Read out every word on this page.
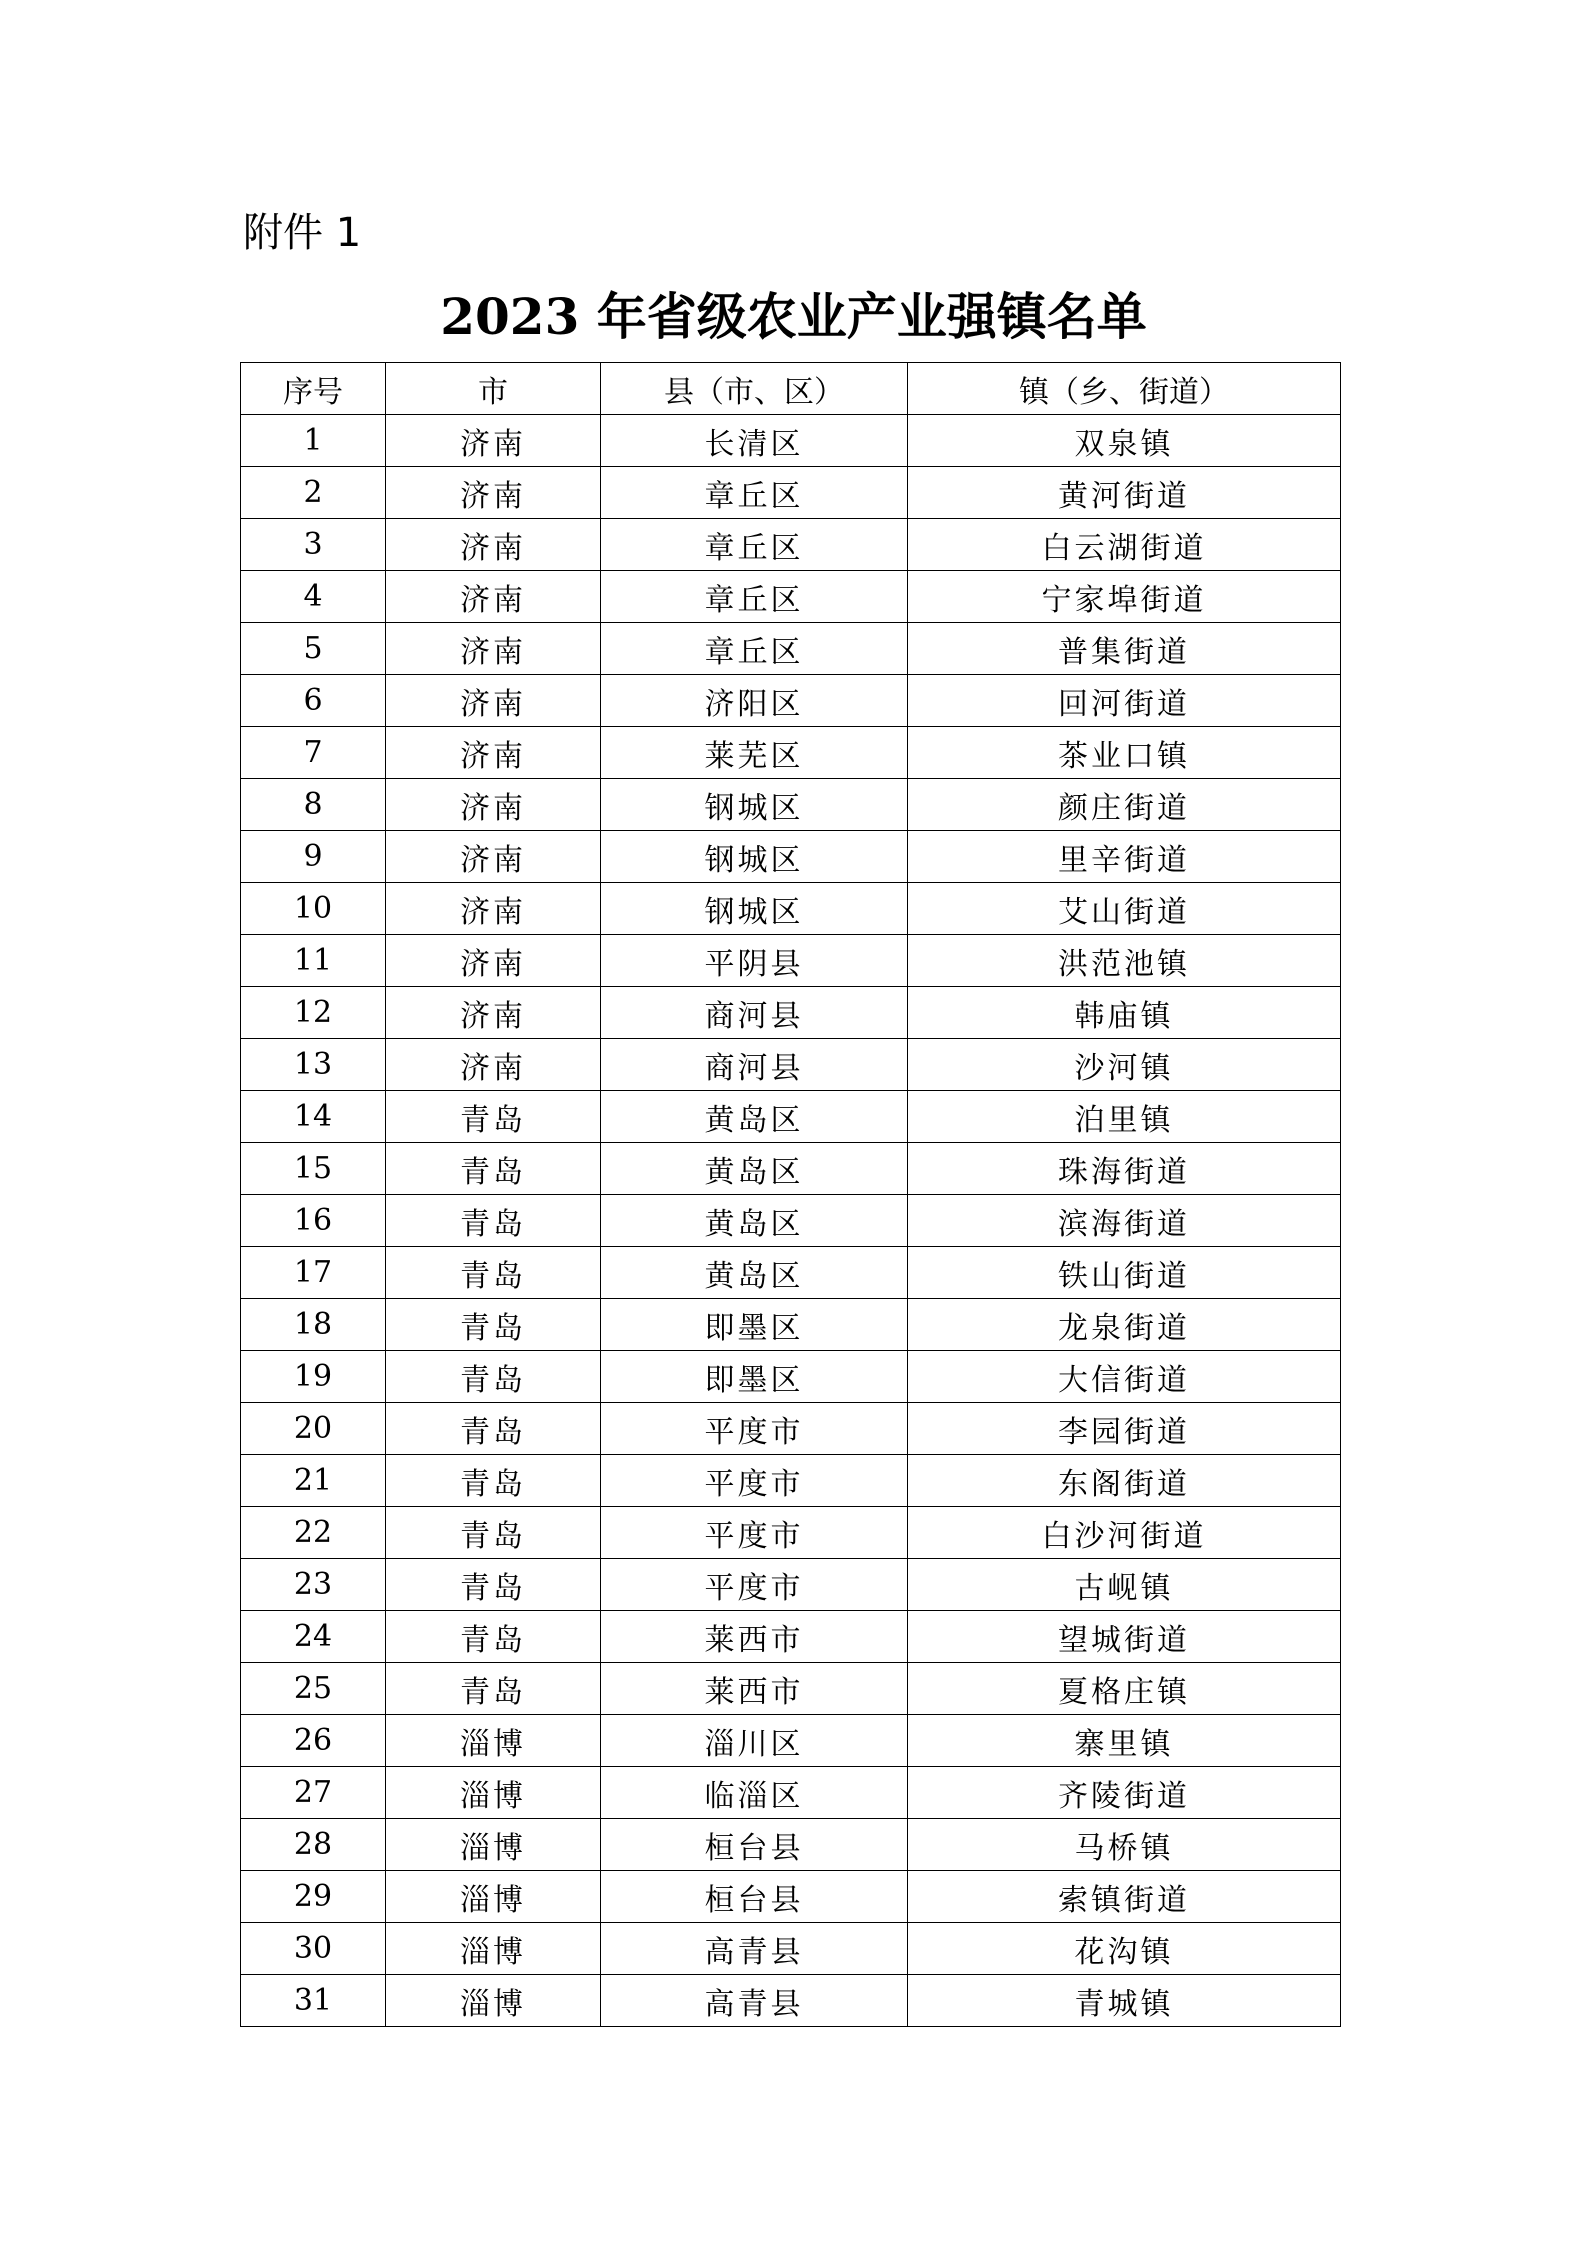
附件 1
2023 年省级农业产业强镇名单
序号	市	县（市、区）	镇（乡、街道）
1	济南	长清区	双泉镇
2	济南	章丘区	黄河街道
3	济南	章丘区	白云湖街道
4	济南	章丘区	宁家埠街道
5	济南	章丘区	普集街道
6	济南	济阳区	回河街道
7	济南	莱芜区	茶业口镇
8	济南	钢城区	颜庄街道
9	济南	钢城区	里辛街道
10	济南	钢城区	艾山街道
11	济南	平阴县	洪范池镇
12	济南	商河县	韩庙镇
13	济南	商河县	沙河镇
14	青岛	黄岛区	泊里镇
15	青岛	黄岛区	珠海街道
16	青岛	黄岛区	滨海街道
17	青岛	黄岛区	铁山街道
18	青岛	即墨区	龙泉街道
19	青岛	即墨区	大信街道
20	青岛	平度市	李园街道
21	青岛	平度市	东阁街道
22	青岛	平度市	白沙河街道
23	青岛	平度市	古岘镇
24	青岛	莱西市	望城街道
25	青岛	莱西市	夏格庄镇
26	淄博	淄川区	寨里镇
27	淄博	临淄区	齐陵街道
28	淄博	桓台县	马桥镇
29	淄博	桓台县	索镇街道
30	淄博	高青县	花沟镇
31	淄博	高青县	青城镇
